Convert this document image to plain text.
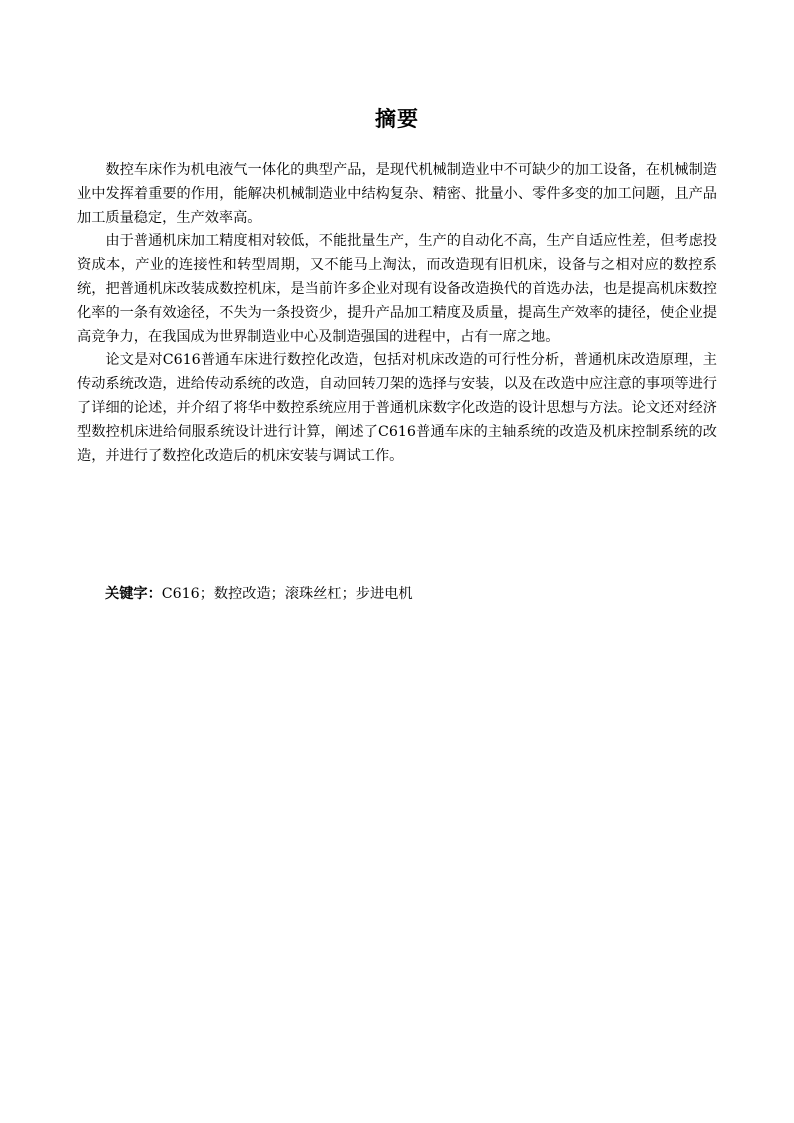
摘要

数控车床作为机电液气一体化的典型产品，是现代机械制造业中不可缺少的加工设备，在机械制造业中发挥着重要的作用，能解决机械制造业中结构复杂、精密、批量小、零件多变的加工问题，且产品加工质量稳定，生产效率高。

由于普通机床加工精度相对较低，不能批量生产，生产的自动化不高，生产自适应性差，但考虑投资成本，产业的连接性和转型周期，又不能马上淘汰，而改造现有旧机床，设备与之相对应的数控系统，把普通机床改装成数控机床，是当前许多企业对现有设备改造换代的首选办法，也是提高机床数控化率的一条有效途径，不失为一条投资少，提升产品加工精度及质量，提高生产效率的捷径，使企业提高竞争力，在我国成为世界制造业中心及制造强国的进程中，占有一席之地。

论文是对C616普通车床进行数控化改造，包括对机床改造的可行性分析，普通机床改造原理，主传动系统改造，进给传动系统的改造，自动回转刀架的选择与安装，以及在改造中应注意的事项等进行了详细的论述，并介绍了将华中数控系统应用于普通机床数字化改造的设计思想与方法。论文还对经济型数控机床进给伺服系统设计进行计算，阐述了C616普通车床的主轴系统的改造及机床控制系统的改造，并进行了数控化改造后的机床安装与调试工作。

关键字：C616；数控改造；滚珠丝杠；步进电机
